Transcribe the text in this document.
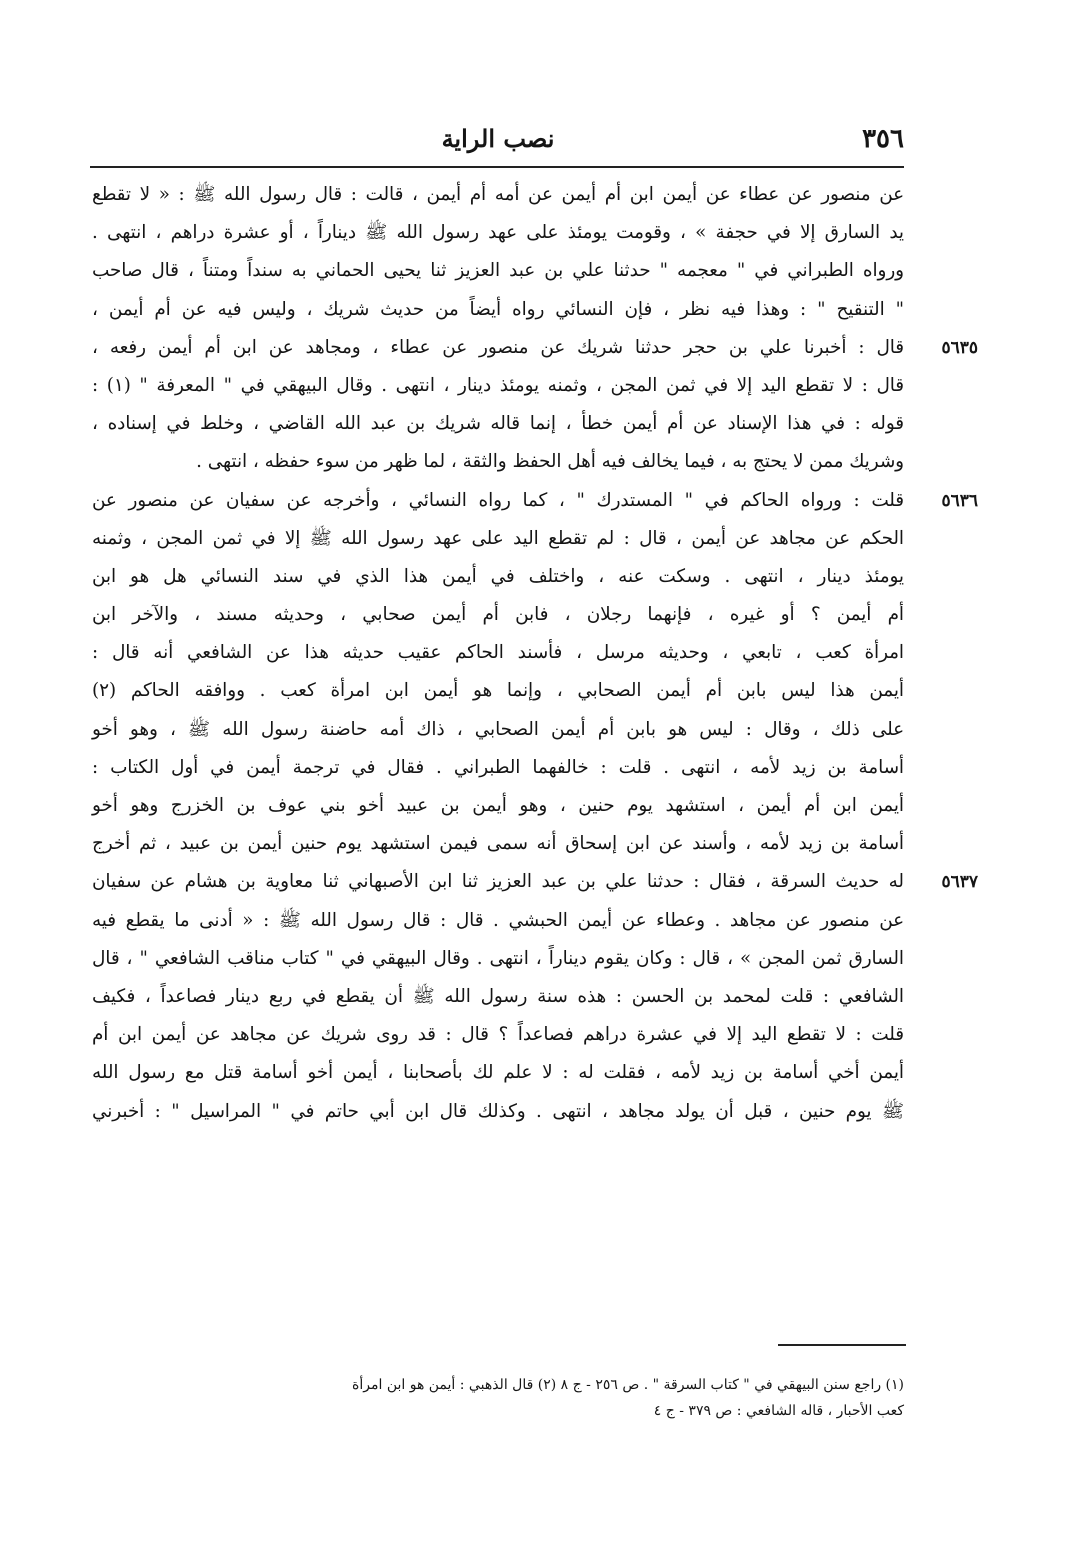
٣٥٦
نصب الراية
عن منصور عن عطاء عن أيمن ابن أم أيمن عن أمه أم أيمن ، قالت : قال رسول الله ﷺ : « لا تقطع
يد السارق إلا في حجفة » ، وقومت يومئذ على عهد رسول الله ﷺ ديناراً ، أو عشرة دراهم ، انتهى .
ورواه الطبراني في " معجمه " حدثنا علي بن عبد العزيز ثنا يحيى الحماني به سنداً ومتناً ، قال صاحب
" التنقيح " : وهذا فيه نظر ، فإن النسائي رواه أيضاً من حديث شريك ، وليس فيه عن أم أيمن ،
قال : أخبرنا علي بن حجر حدثنا شريك عن منصور عن عطاء ، ومجاهد عن ابن أم أيمن رفعه ، ٥٦٣٥
قال : لا تقطع اليد إلا في ثمن المجن ، وثمنه يومئذ دينار ، انتهى . وقال البيهقي في " المعرفة " (١) :
قوله : في هذا الإسناد عن أم أيمن خطأ ، إنما قاله شريك بن عبد الله القاضي ، وخلط في إسناده ،
وشريك ممن لا يحتج به ، فيما يخالف فيه أهل الحفظ والثقة ، لما ظهر من سوء حفظه ، انتهى .
قلت : ورواه الحاكم في " المستدرك " ، كما رواه النسائي ، وأخرجه عن سفيان عن منصور عن ٥٦٣٦
الحكم عن مجاهد عن أيمن ، قال : لم تقطع اليد على عهد رسول الله ﷺ إلا في ثمن المجن ، وثمنه
يومئذ دينار ، انتهى . وسكت عنه ، واختلف في أيمن هذا الذي في سند النسائي هل هو ابن
أم أيمن ؟ أو غيره ، فإنهما رجلان ، فابن أم أيمن صحابي ، وحديثه مسند ، والآخر ابن
امرأة كعب ، تابعي ، وحديثه مرسل ، فأسند الحاكم عقيب حديثه هذا عن الشافعي أنه قال :
أيمن هذا ليس بابن أم أيمن الصحابي ، وإنما هو أيمن ابن امرأة كعب . ووافقه الحاكم (٢)
على ذلك ، وقال : ليس هو بابن أم أيمن الصحابي ، ذاك أمه حاضنة رسول الله ﷺ ، وهو أخو
أسامة بن زيد لأمه ، انتهى . قلت : خالفهما الطبراني . فقال في ترجمة أيمن في أول الكتاب :
أيمن ابن أم أيمن ، استشهد يوم حنين ، وهو أيمن بن عبيد أخو بني عوف بن الخزرج وهو أخو
أسامة بن زيد لأمه ، وأسند عن ابن إسحاق أنه سمى فيمن استشهد يوم حنين أيمن بن عبيد ، ثم أخرج
له حديث السرقة ، فقال : حدثنا علي بن عبد العزيز ثنا ابن الأصبهاني ثنا معاوية بن هشام عن سفيان ٥٦٣٧
عن منصور عن مجاهد . وعطاء عن أيمن الحبشي . قال : قال رسول الله ﷺ : « أدنى ما يقطع فيه
السارق ثمن المجن » ، قال : وكان يقوم ديناراً ، انتهى . وقال البيهقي في " كتاب مناقب الشافعي " ، قال
الشافعي : قلت لمحمد بن الحسن : هذه سنة رسول الله ﷺ أن يقطع في ربع دينار فصاعداً ، فكيف
قلت : لا تقطع اليد إلا في عشرة دراهم فصاعداً ؟ قال : قد روى شريك عن مجاهد عن أيمن ابن أم
أيمن أخي أسامة بن زيد لأمه ، فقلت له : لا علم لك بأصحابنا ، أيمن أخو أسامة قتل مع رسول الله
ﷺ يوم حنين ، قبل أن يولد مجاهد ، انتهى . وكذلك قال ابن أبي حاتم في " المراسيل " : أخبرني
(١) راجع سنن البيهقي في " كتاب السرقة " . ص ٢٥٦ - ج ٨ (٢) قال الذهبي : أيمن هو ابن امرأة
كعب الأحبار ، قاله الشافعي : ص ٣٧٩ - ج ٤
